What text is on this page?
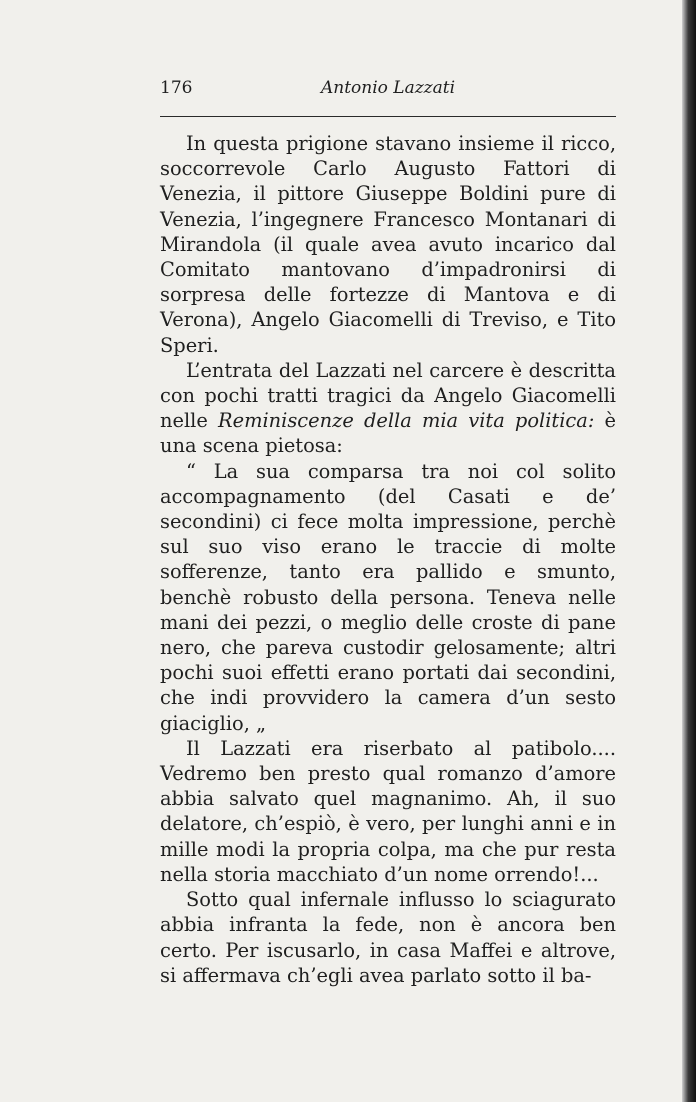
176	Antonio Lazzati

In questa prigione stavano insieme il ricco, soccorrevole Carlo Augusto Fattori di Venezia, il pittore Giuseppe Boldini pure di Venezia, l’ingegnere Francesco Montanari di Mirandola (il quale avea avuto incarico dal Comitato mantovano d’impadronirsi di sorpresa delle fortezze di Mantova e di Verona), Angelo Giacomelli di Treviso, e Tito Speri.

L’entrata del Lazzati nel carcere è descritta con pochi tratti tragici da Angelo Giacomelli nelle Reminiscenze della mia vita politica: è una scena pietosa:

“ La sua comparsa tra noi col solito accompagnamento (del Casati e de’ secondini) ci fece molta impressione, perchè sul suo viso erano le traccie di molte sofferenze, tanto era pallido e smunto, benchè robusto della persona. Teneva nelle mani dei pezzi, o meglio delle croste di pane nero, che pareva custodir gelosamente; altri pochi suoi effetti erano portati dai secondini, che indi provvidero la camera d’un sesto giaciglio, „

Il Lazzati era riserbato al patibolo.... Vedremo ben presto qual romanzo d’amore abbia salvato quel magnanimo. Ah, il suo delatore, ch’espiò, è vero, per lunghi anni e in mille modi la propria colpa, ma che pur resta nella storia macchiato d’un nome orrendo!...

Sotto qual infernale influsso lo sciagurato abbia infranta la fede, non è ancora ben certo. Per iscusarlo, in casa Maffei e altrove, si affermava ch’egli avea parlato sotto il ba-
